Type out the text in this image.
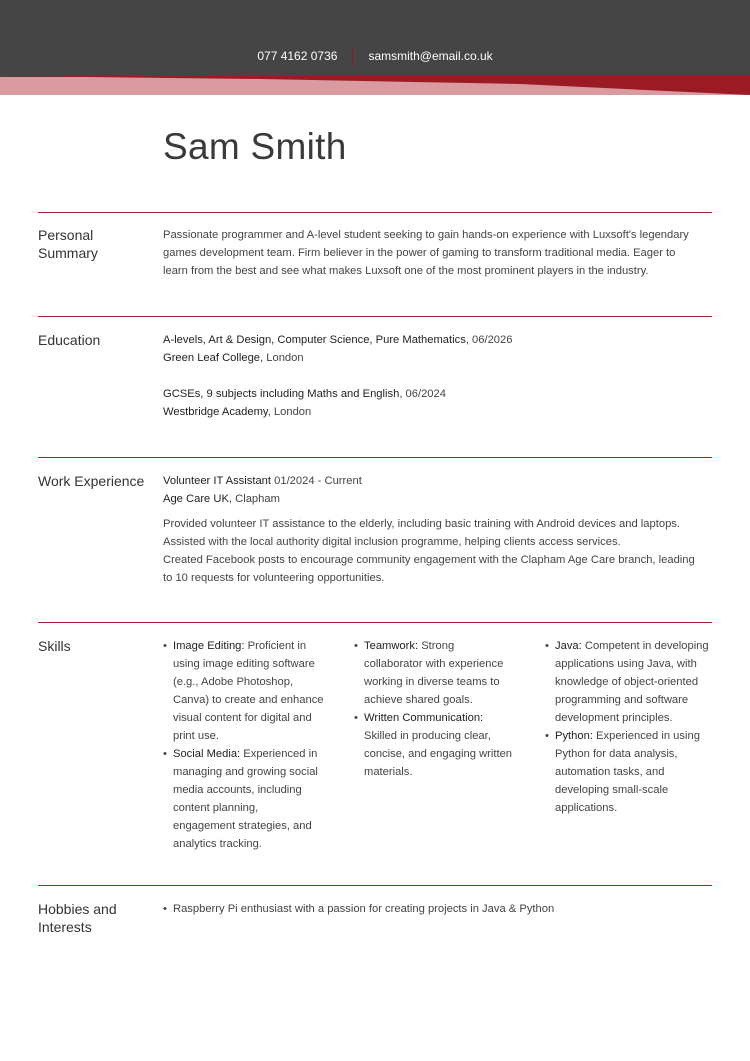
077 4162 0736	samsmith@email.co.uk
Sam Smith
Personal
Summary
Passionate programmer and A-level student seeking to gain hands-on experience with Luxsoft's legendary
games development team. Firm believer in the power of gaming to transform traditional media. Eager to
learn from the best and see what makes Luxsoft one of the most prominent players in the industry.
Education	A-levels, Art & Design, Computer Science, Pure Mathematics, 06/2026
Green Leaf College, London
GCSEs, 9 subjects including Maths and English, 06/2024
Westbridge Academy, London
Work Experience	Volunteer IT Assistant 01/2024 - Current
Age Care UK, Clapham
Provided volunteer IT assistance to the elderly, including basic training with Android devices and laptops.
Assisted with the local authority digital inclusion programme, helping clients access services.
Created Facebook posts to encourage community engagement with the Clapham Age Care branch, leading
to 10 requests for volunteering opportunities.
Skills
•	Image Editing: Proficient in
using image editing software
(e.g., Adobe Photoshop,
Canva) to create and enhance
visual content for digital and
print use.
• Social Media: Experienced in
managing and growing social
media accounts, including
content planning,
engagement strategies, and
analytics tracking.
• Teamwork: Strong
collaborator with experience
working in diverse teams to
achieve shared goals.
• Written Communication:
Skilled in producing clear,
concise, and engaging written
materials.
• Java: Competent in developing
applications using Java, with
knowledge of object-oriented
programming and software
development principles.
• Python: Experienced in using
Python for data analysis,
automation tasks, and
developing small-scale
applications.
Hobbies and
Interests
• Raspberry Pi enthusiast with a passion for creating projects in Java & Python
